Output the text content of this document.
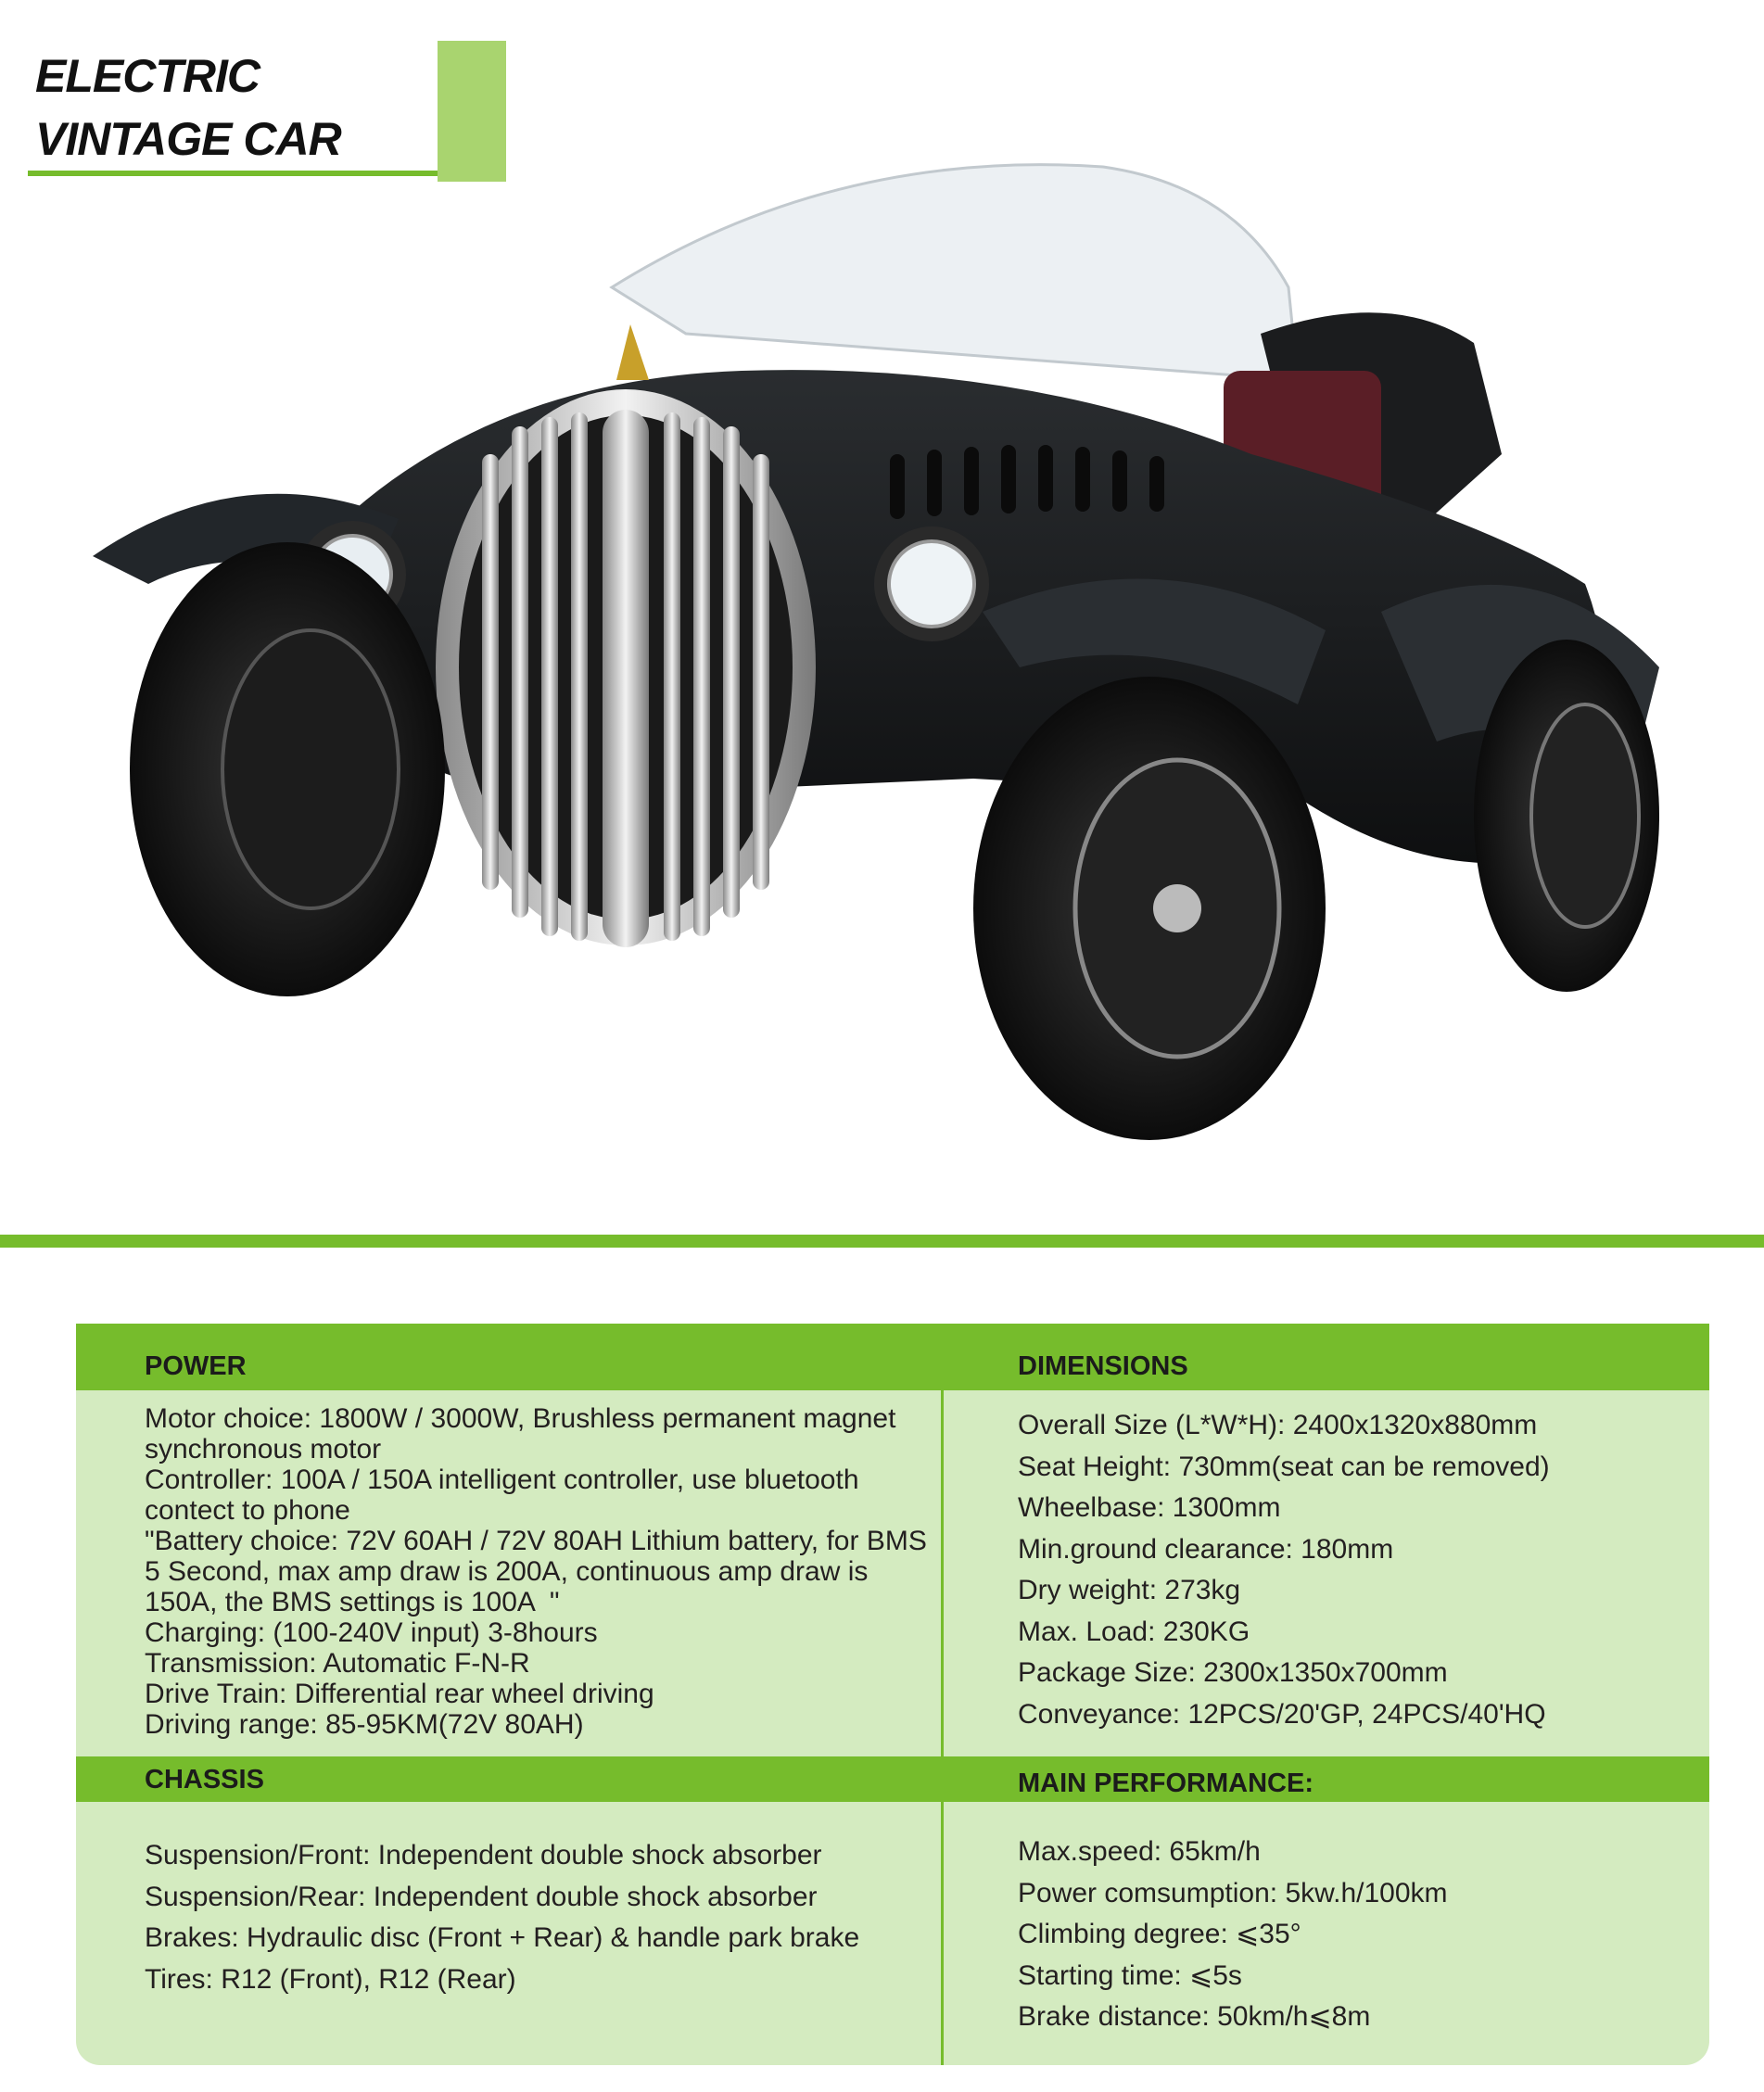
ELECTRIC
VINTAGE CAR
POWER	DIMENSIONS
CHASSIS	MAIN PERFORMANCE:
Motor choice: 1800W / 3000W, Brushless permanent magnet synchronous motor
Controller: 100A / 150A intelligent controller, use bluetooth contect to phone
"Battery choice: 72V 60AH / 72V 80AH Lithium battery, for BMS 5 Second, max amp draw is 200A, continuous amp draw is 150A, the BMS settings is 100A  "
Charging: (100-240V input) 3-8hours
Transmission: Automatic F-N-R
Drive Train: Differential rear wheel driving
Driving range: 85-95KM(72V 80AH)
Overall Size (L*W*H): 2400x1320x880mm
Seat Height: 730mm(seat can be removed)
Wheelbase: 1300mm
Min.ground clearance: 180mm
Dry weight: 273kg
Max. Load: 230KG
Package Size: 2300x1350x700mm
Conveyance: 12PCS/20'GP, 24PCS/40'HQ
Suspension/Front: Independent double shock absorber
Suspension/Rear: Independent double shock absorber
Brakes: Hydraulic disc (Front + Rear) & handle park brake
Tires: R12 (Front), R12 (Rear)
Max.speed: 65km/h
Power comsumption: 5kw.h/100km
Climbing degree: ⩽35°
Starting time: ⩽5s
Brake distance: 50km/h⩽8m
